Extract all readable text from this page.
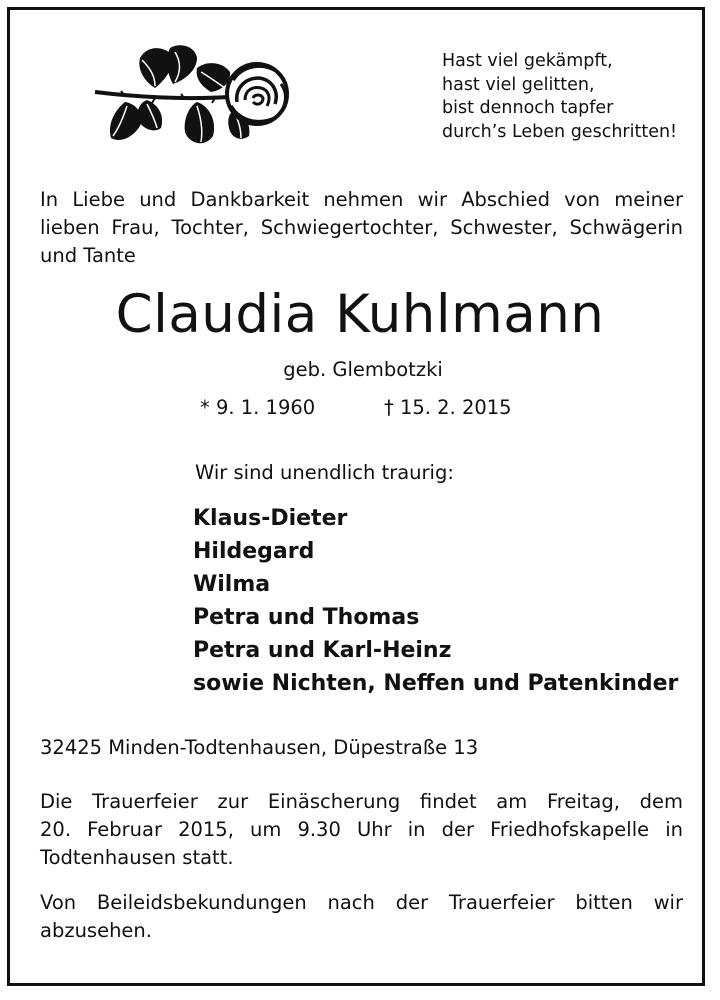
Hast viel gekämpft,
hast viel gelitten,
bist dennoch tapfer
durch’s Leben geschritten!
In Liebe und Dankbarkeit nehmen wir Abschied von meiner
lieben Frau, Tochter, Schwiegertochter, Schwester, Schwägerin
und Tante
Claudia Kuhlmann
geb. Glembotzki
* 9. 1. 1960	† 15. 2. 2015
Wir sind unendlich traurig:
Klaus-Dieter
Hildegard
Wilma
Petra und Thomas
Petra und Karl-Heinz
sowie Nichten, Neffen und Patenkinder
32425 Minden-Todtenhausen, Düpestraße 13
Die Trauerfeier zur Einäscherung findet am Freitag, dem
20. Februar 2015, um 9.30 Uhr in der Friedhofskapelle in
Todtenhausen statt.
Von Beileidsbekundungen nach der Trauerfeier bitten wir
abzusehen.
